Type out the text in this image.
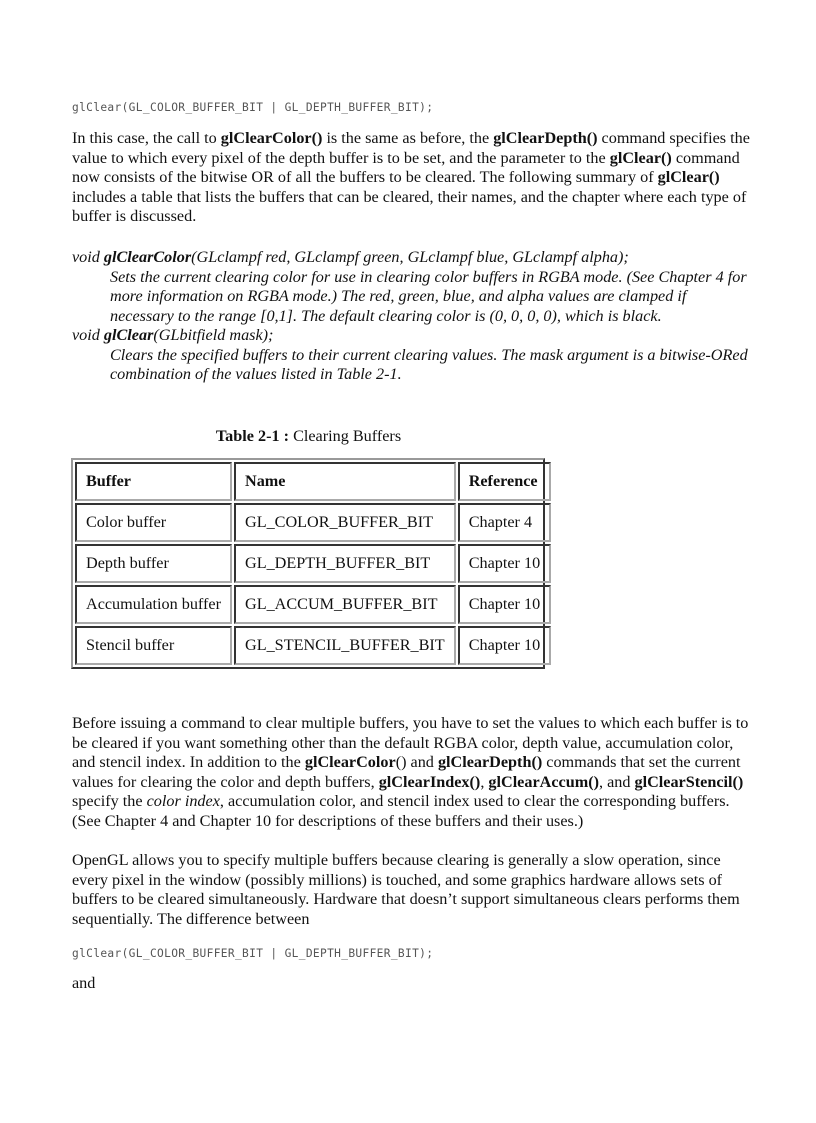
glClear(GL_COLOR_BUFFER_BIT | GL_DEPTH_BUFFER_BIT);

In this case, the call to glClearColor() is the same as before, the glClearDepth() command specifies the value to which every pixel of the depth buffer is to be set, and the parameter to the glClear() command now consists of the bitwise OR of all the buffers to be cleared. The following summary of glClear() includes a table that lists the buffers that can be cleared, their names, and the chapter where each type of buffer is discussed.

void glClearColor(GLclampf red, GLclampf green, GLclampf blue, GLclampf alpha);

Sets the current clearing color for use in clearing color buffers in RGBA mode. (See Chapter 4 for more information on RGBA mode.) The red, green, blue, and alpha values are clamped if necessary to the range [0,1]. The default clearing color is (0, 0, 0, 0), which is black.

void glClear(GLbitfield mask);

Clears the specified buffers to their current clearing values. The mask argument is a bitwise-ORed combination of the values listed in Table 2-1.

Table 2-1 : Clearing Buffers
Buffer	Name	Reference
Color buffer	GL_COLOR_BUFFER_BIT	Chapter 4
Depth buffer	GL_DEPTH_BUFFER_BIT	Chapter 10
Accumulation buffer	GL_ACCUM_BUFFER_BIT	Chapter 10
Stencil buffer	GL_STENCIL_BUFFER_BIT	Chapter 10

Before issuing a command to clear multiple buffers, you have to set the values to which each buffer is to be cleared if you want something other than the default RGBA color, depth value, accumulation color, and stencil index. In addition to the glClearColor() and glClearDepth() commands that set the current values for clearing the color and depth buffers, glClearIndex(), glClearAccum(), and glClearStencil() specify the color index, accumulation color, and stencil index used to clear the corresponding buffers. (See Chapter 4 and Chapter 10 for descriptions of these buffers and their uses.)

OpenGL allows you to specify multiple buffers because clearing is generally a slow operation, since every pixel in the window (possibly millions) is touched, and some graphics hardware allows sets of buffers to be cleared simultaneously. Hardware that doesn’t support simultaneous clears performs them sequentially. The difference between

glClear(GL_COLOR_BUFFER_BIT | GL_DEPTH_BUFFER_BIT);

and
